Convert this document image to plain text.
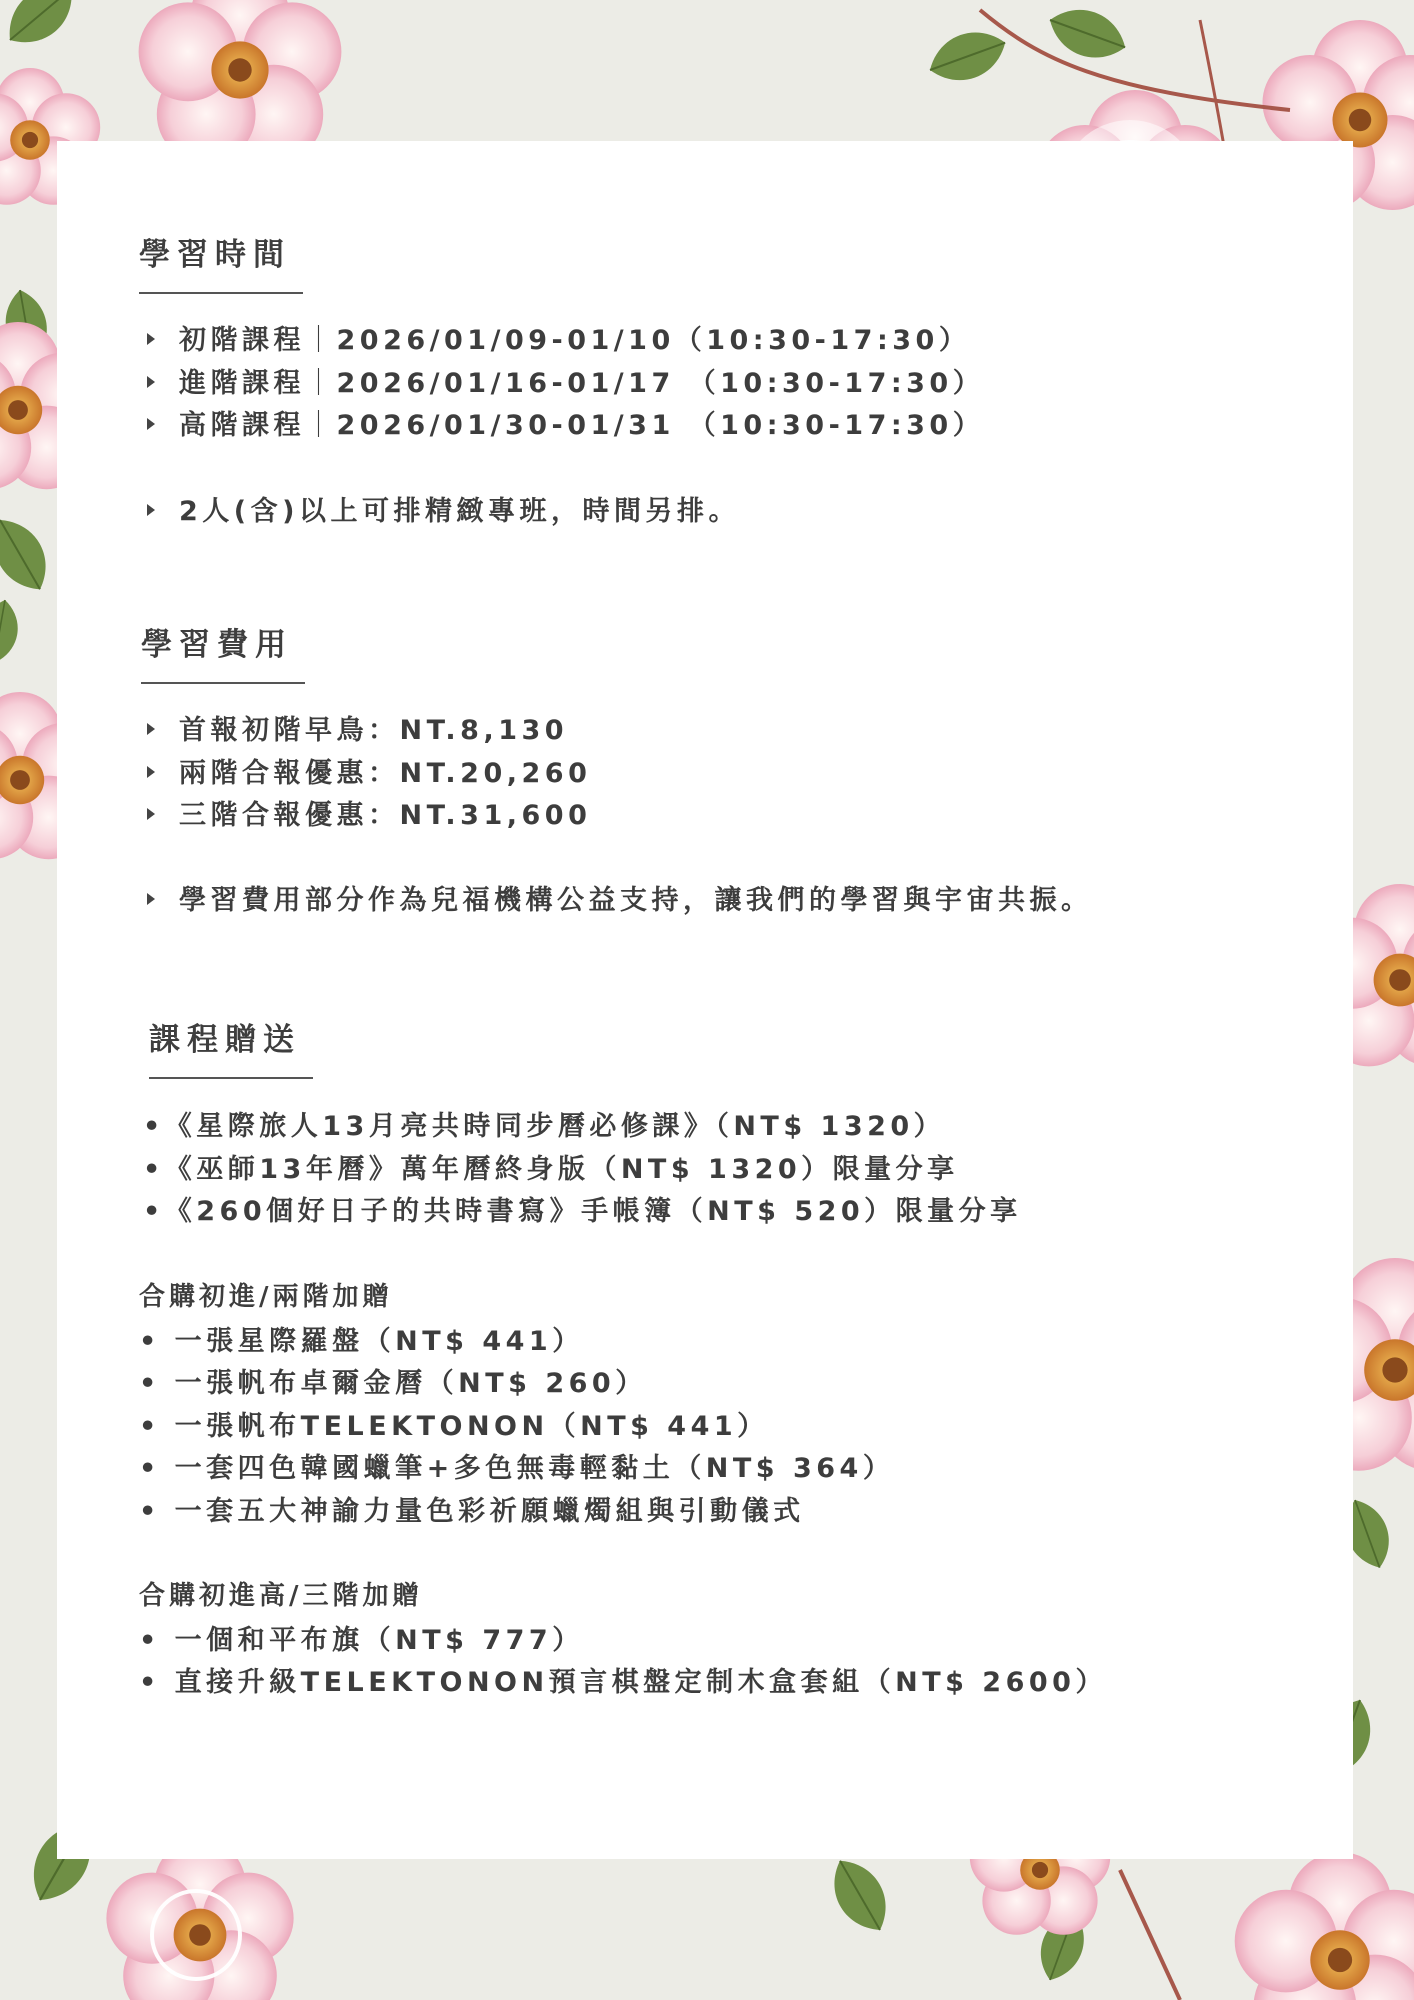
學習時間
初階課程｜2026/01/09-01/10（10:30-17:30）
進階課程｜2026/01/16-01/17 （10:30-17:30）
高階課程｜2026/01/30-01/31 （10:30-17:30）
2人(含)以上可排精緻專班，時間另排。
學習費用
首報初階早鳥：NT.8,130
兩階合報優惠：NT.20,260
三階合報優惠：NT.31,600
學習費用部分作為兒福機構公益支持，讓我們的學習與宇宙共振。
課程贈送
•《星際旅人13月亮共時同步曆必修課》（NT$ 1320）
•《巫師13年曆》萬年曆終身版（NT$ 1320）限量分享
•《260個好日子的共時書寫》手帳簿（NT$ 520）限量分享
合購初進/兩階加贈
• 一張星際羅盤（NT$ 441）
• 一張帆布卓爾金曆（NT$ 260）
• 一張帆布TELEKTONON（NT$ 441）
• 一套四色韓國蠟筆+多色無毒輕黏土（NT$ 364）
• 一套五大神諭力量色彩祈願蠟燭組與引動儀式
合購初進高/三階加贈
• 一個和平布旗（NT$ 777）
• 直接升級TELEKTONON預言棋盤定制木盒套組（NT$ 2600）
